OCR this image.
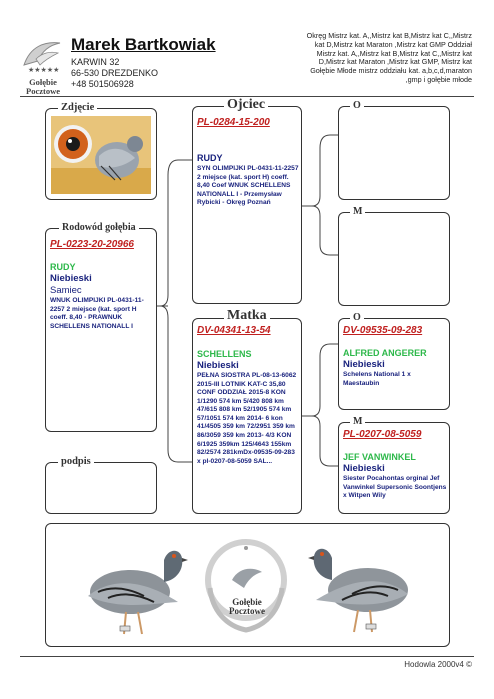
★★★★★
Gołębie Pocztowe
Marek Bartkowiak
KARWIN 32
66-530 DREZDENKO
+48 501506928
Okręg Mistrz kat. A,,Mistrz kat B,Mistrz kat C,,Mistrz kat D,Mistrz kat Maraton ,Mistrz kat GMP Oddział Mistrz kat. A,,Mistrz kat B,Mistrz kat C,,Mistrz kat D,Mistrz kat Maraton ,Mistrz kat GMP, Mistrz kat Gołębie Młode mistrz oddziału kat. a,b,c,d,maraton ,gmp i gołębie młode
Zdjęcie
PL-0223-20-20966
RUDY
Niebieski
Samiec
WNUK OLIMPIJKI PL-0431-11-2257 2 miejsce (kat. sport H coeff. 8,40 - PRAWNUK SCHELLENS NATIONALL I
Rodowód gołębia
podpis
PL-0284-15-200
RUDY
SYN OLIMPIJKI PL-0431-11-2257 2 miejsce (kat. sport H) coeff. 8,40 Coef WNUK SCHELLENS NATIONALL I - Przemysław Rybicki - Okręg Poznań
Ojciec
DV-04341-13-54
SCHELLENS
Niebieski
PEŁNA SIOSTRA PL-08-13-6062 2015-III LOTNIK KAT-C 35,80 CONF ODDZIAŁ 2015-8 KON 1/1290 574 km 5/420 808 km 47/615 808 km 52/1905 574 km 57/1051 574 km 2014- 6 kon 41/4505 359 km 72/2951 359 km 86/3059 359 km 2013- 4/3 KON 6/1925 359km 125/4643 155km 82/2574 281kmDx-09535-09-283 x pl-0207-08-5059 SAL...
Matka
O
M
DV-09535-09-283
ALFRED ANGERER
Niebieski
Schelens National 1 x Maestaubin
O
PL-0207-08-5059
JEF VANWINKEL
Niebieski
Siester Pocahontas orginal Jef Vanwinkel Supersonic Soontjens x Witpen Wily
M
Gołębie Pocztowe
Hodowla 2000v4 ©
